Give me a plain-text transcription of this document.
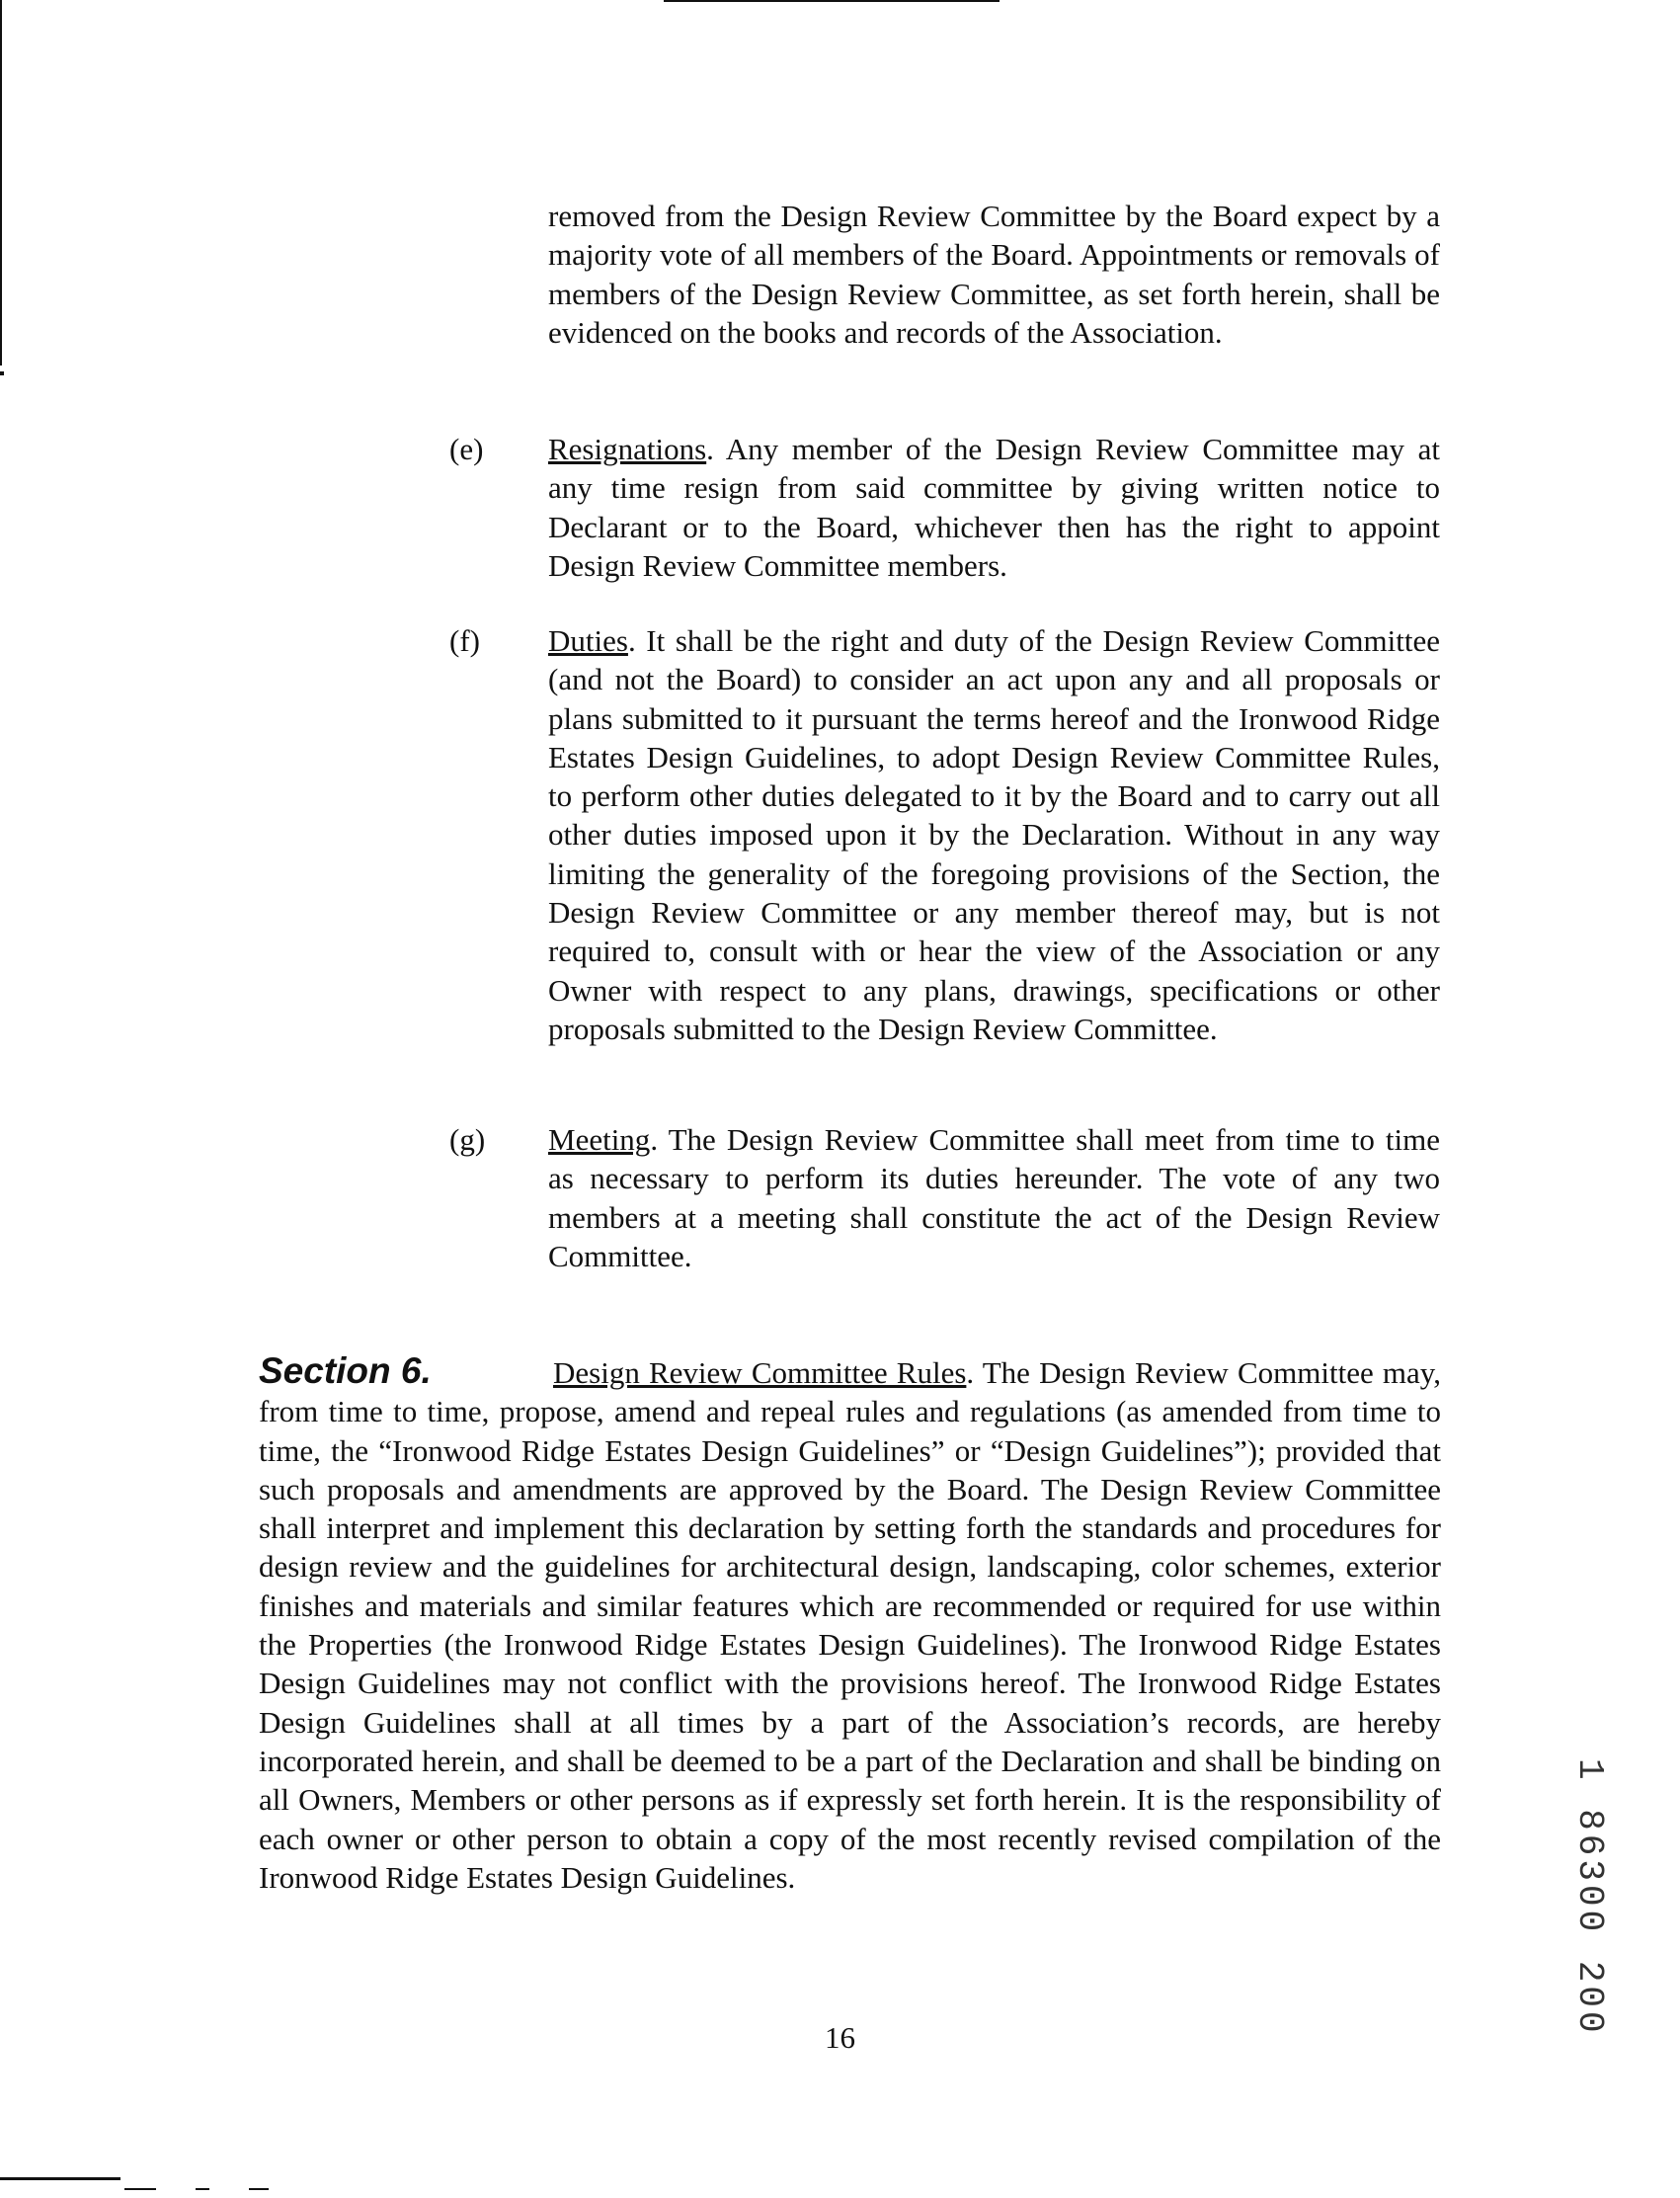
removed from the Design Review Committee by the Board expect by a majority vote of all members of the Board. Appointments or removals of members of the Design Review Committee, as set forth herein, shall be evidenced on the books and records of the Association.

(e) Resignations. Any member of the Design Review Committee may at any time resign from said committee by giving written notice to Declarant or to the Board, whichever then has the right to appoint Design Review Committee members.

(f) Duties. It shall be the right and duty of the Design Review Committee (and not the Board) to consider an act upon any and all proposals or plans submitted to it pursuant the terms hereof and the Ironwood Ridge Estates Design Guidelines, to adopt Design Review Committee Rules, to perform other duties delegated to it by the Board and to carry out all other duties imposed upon it by the Declaration. Without in any way limiting the generality of the foregoing provisions of the Section, the Design Review Committee or any member thereof may, but is not required to, consult with or hear the view of the Association or any Owner with respect to any plans, drawings, specifications or other proposals submitted to the Design Review Committee.

(g) Meeting. The Design Review Committee shall meet from time to time as necessary to perform its duties hereunder. The vote of any two members at a meeting shall constitute the act of the Design Review Committee.

Section 6.	Design Review Committee Rules. The Design Review Committee may, from time to time, propose, amend and repeal rules and regulations (as amended from time to time, the “Ironwood Ridge Estates Design Guidelines” or “Design Guidelines”); provided that such proposals and amendments are approved by the Board. The Design Review Committee shall interpret and implement this declaration by setting forth the standards and procedures for design review and the guidelines for architectural design, landscaping, color schemes, exterior finishes and materials and similar features which are recommended or required for use within the Properties (the Ironwood Ridge Estates Design Guidelines). The Ironwood Ridge Estates Design Guidelines may not conflict with the provisions hereof. The Ironwood Ridge Estates Design Guidelines shall at all times by a part of the Association’s records, are hereby incorporated herein, and shall be deemed to be a part of the Declaration and shall be binding on all Owners, Members or other persons as if expressly set forth herein. It is the responsibility of each owner or other person to obtain a copy of the most recently revised compilation of the Ironwood Ridge Estates Design Guidelines.

16

1 86300 200
